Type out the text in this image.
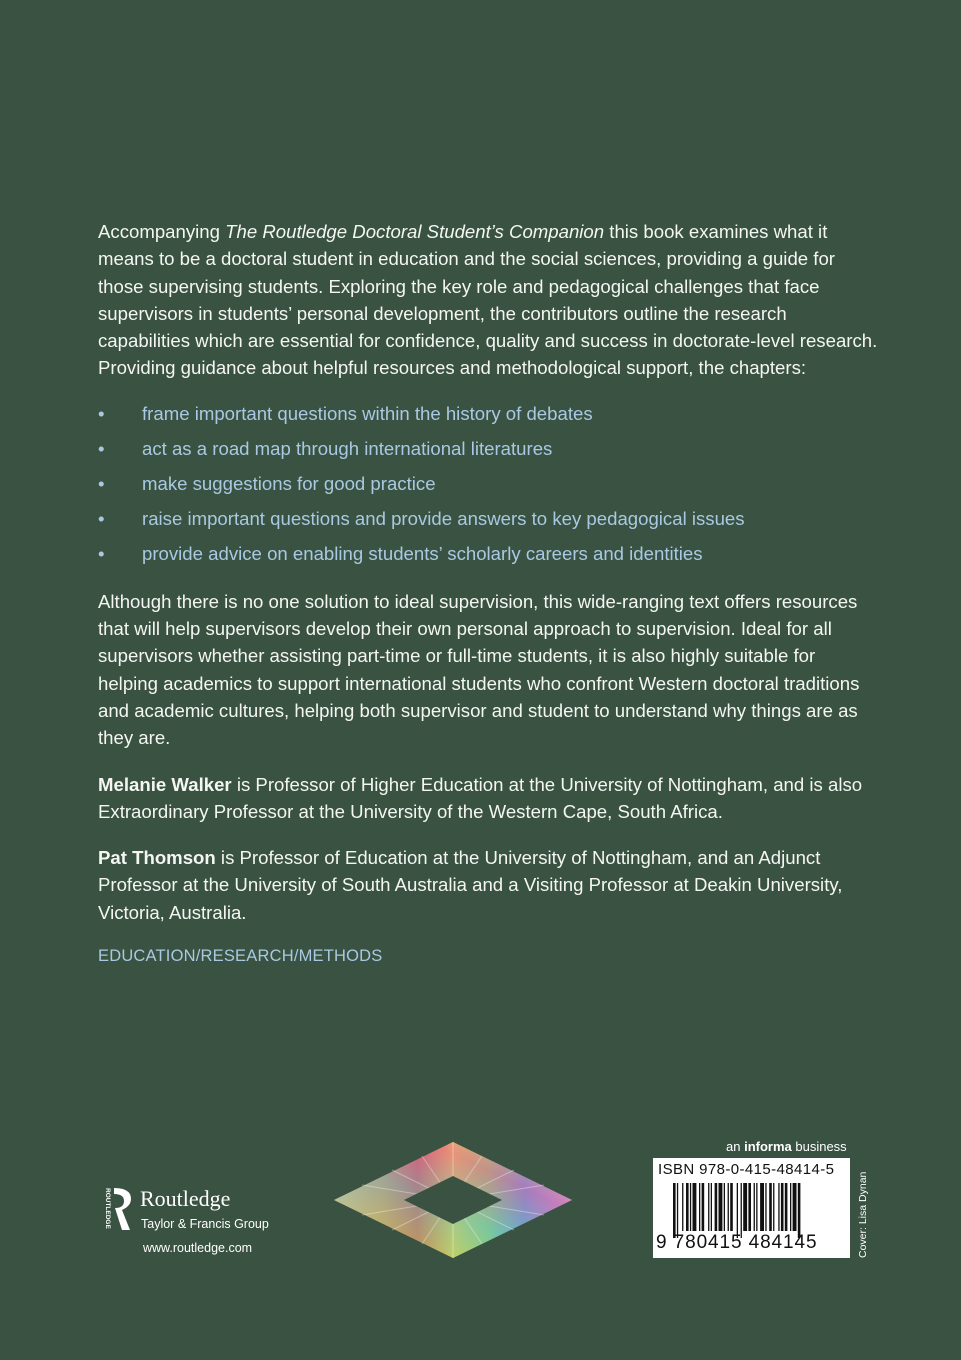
Accompanying The Routledge Doctoral Student’s Companion this book examines what it means to be a doctoral student in education and the social sciences, providing a guide for those supervising students. Exploring the key role and pedagogical challenges that face supervisors in students’ personal development, the contributors outline the research capabilities which are essential for confidence, quality and success in doctorate-level research. Providing guidance about helpful resources and methodological support, the chapters:

• frame important questions within the history of debates
• act as a road map through international literatures
• make suggestions for good practice
• raise important questions and provide answers to key pedagogical issues
• provide advice on enabling students’ scholarly careers and identities

Although there is no one solution to ideal supervision, this wide-ranging text offers resources that will help supervisors develop their own personal approach to supervision. Ideal for all supervisors whether assisting part-time or full-time students, it is also highly suitable for helping academics to support international students who confront Western doctoral traditions and academic cultures, helping both supervisor and student to understand why things are as they are.

Melanie Walker is Professor of Higher Education at the University of Nottingham, and is also Extraordinary Professor at the University of the Western Cape, South Africa.

Pat Thomson is Professor of Education at the University of Nottingham, and an Adjunct Professor at the University of South Australia and a Visiting Professor at Deakin University, Victoria, Australia.

EDUCATION/RESEARCH/METHODS

ROUTLEDGE Routledge
Taylor & Francis Group
www.routledge.com
an informa business
ISBN 978-0-415-48414-5
9 780415 484145	Cover: Lisa Dynan
